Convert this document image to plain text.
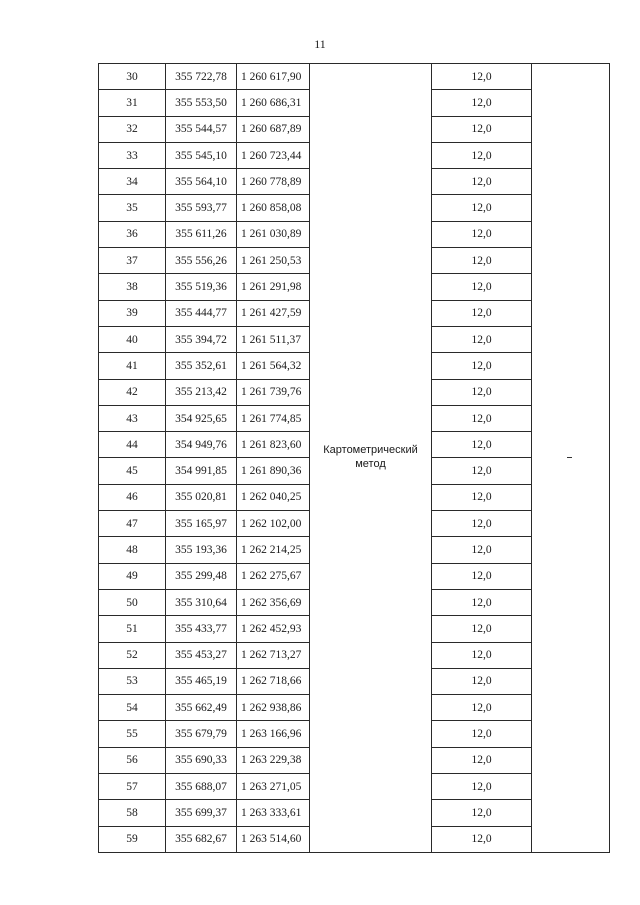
11
30	355 722,78	1 260 617,90	Картометрический метод	12,0	
31	355 553,50	1 260 686,31		12,0	
32	355 544,57	1 260 687,89		12,0	
33	355 545,10	1 260 723,44		12,0	
34	355 564,10	1 260 778,89		12,0	
35	355 593,77	1 260 858,08		12,0	
36	355 611,26	1 261 030,89		12,0	
37	355 556,26	1 261 250,53		12,0	
38	355 519,36	1 261 291,98		12,0	
39	355 444,77	1 261 427,59		12,0	
40	355 394,72	1 261 511,37		12,0	
41	355 352,61	1 261 564,32		12,0	
42	355 213,42	1 261 739,76		12,0	
43	354 925,65	1 261 774,85		12,0	
44	354 949,76	1 261 823,60		12,0	
45	354 991,85	1 261 890,36		12,0	
46	355 020,81	1 262 040,25		12,0	
47	355 165,97	1 262 102,00		12,0	
48	355 193,36	1 262 214,25		12,0	
49	355 299,48	1 262 275,67		12,0	
50	355 310,64	1 262 356,69		12,0	
51	355 433,77	1 262 452,93		12,0	
52	355 453,27	1 262 713,27		12,0	
53	355 465,19	1 262 718,66		12,0	
54	355 662,49	1 262 938,86		12,0	
55	355 679,79	1 263 166,96		12,0	
56	355 690,33	1 263 229,38		12,0	
57	355 688,07	1 263 271,05		12,0	
58	355 699,37	1 263 333,61		12,0	
59	355 682,67	1 263 514,60		12,0	
